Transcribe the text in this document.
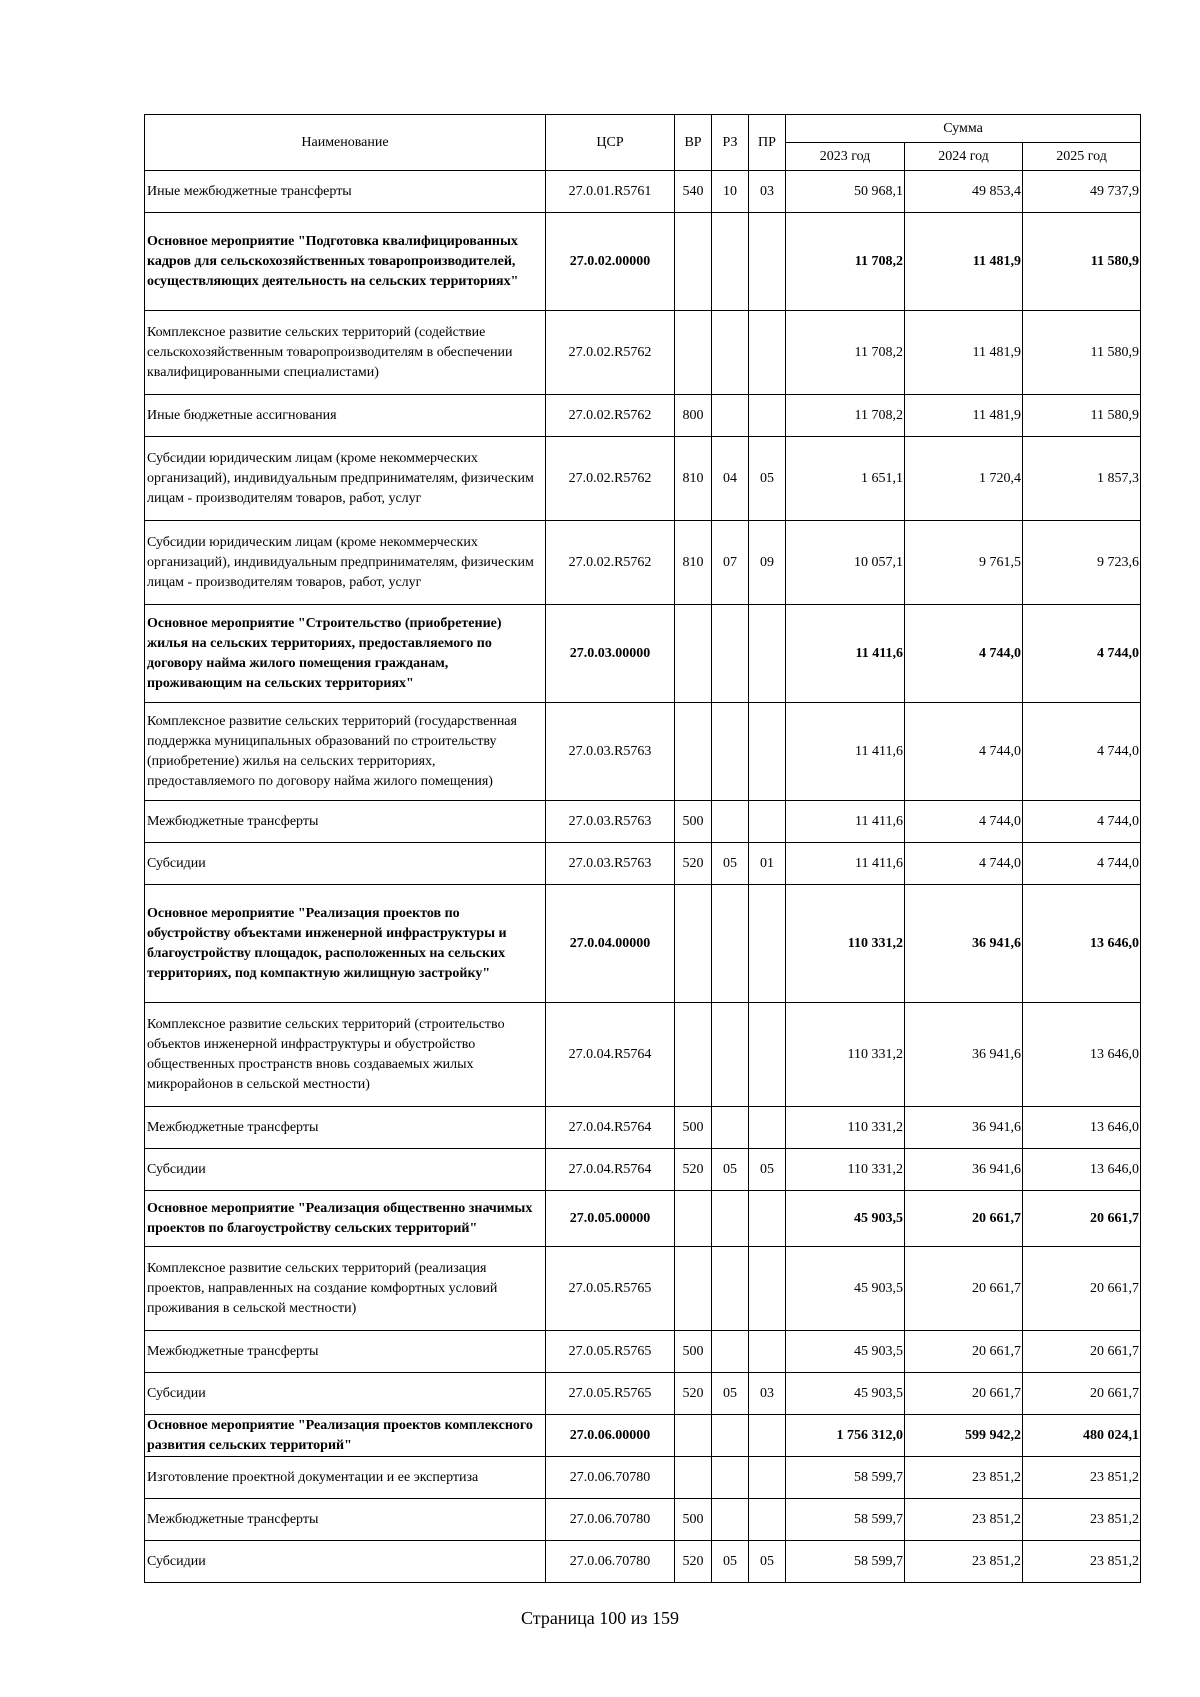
Наименование	ЦСР	ВР	РЗ	ПР	Сумма		
					2023 год	2024 год	2025 год
Иные межбюджетные трансферты	27.0.01.R5761	540	10	03	50 968,1	49 853,4	49 737,9
Основное мероприятие "Подготовка квалифицированных кадров для сельскохозяйственных товаропроизводителей, осуществляющих деятельность на сельских территориях"	27.0.02.00000				11 708,2	11 481,9	11 580,9
Комплексное развитие сельских территорий (содействие сельскохозяйственным товаропроизводителям в обеспечении квалифицированными специалистами)	27.0.02.R5762				11 708,2	11 481,9	11 580,9
Иные бюджетные ассигнования	27.0.02.R5762	800			11 708,2	11 481,9	11 580,9
Субсидии юридическим лицам (кроме некоммерческих организаций), индивидуальным предпринимателям, физическим лицам - производителям товаров, работ, услуг	27.0.02.R5762	810	04	05	1 651,1	1 720,4	1 857,3
Субсидии юридическим лицам (кроме некоммерческих организаций), индивидуальным предпринимателям, физическим лицам - производителям товаров, работ, услуг	27.0.02.R5762	810	07	09	10 057,1	9 761,5	9 723,6
Основное мероприятие "Строительство (приобретение) жилья на сельских территориях, предоставляемого по договору найма жилого помещения гражданам, проживающим на сельских территориях"	27.0.03.00000				11 411,6	4 744,0	4 744,0
Комплексное развитие сельских территорий (государственная поддержка муниципальных образований по строительству (приобретение) жилья на сельских территориях, предоставляемого по договору найма жилого помещения)	27.0.03.R5763				11 411,6	4 744,0	4 744,0
Межбюджетные трансферты	27.0.03.R5763	500			11 411,6	4 744,0	4 744,0
Субсидии	27.0.03.R5763	520	05	01	11 411,6	4 744,0	4 744,0
Основное мероприятие "Реализация проектов по обустройству объектами инженерной инфраструктуры и благоустройству площадок, расположенных на сельских территориях, под компактную жилищную застройку"	27.0.04.00000				110 331,2	36 941,6	13 646,0
Комплексное развитие сельских территорий (строительство объектов инженерной инфраструктуры и обустройство общественных пространств вновь создаваемых жилых микрорайонов в сельской местности)	27.0.04.R5764				110 331,2	36 941,6	13 646,0
Межбюджетные трансферты	27.0.04.R5764	500			110 331,2	36 941,6	13 646,0
Субсидии	27.0.04.R5764	520	05	05	110 331,2	36 941,6	13 646,0
Основное мероприятие "Реализация общественно значимых проектов по благоустройству сельских территорий"	27.0.05.00000				45 903,5	20 661,7	20 661,7
Комплексное развитие сельских территорий (реализация проектов, направленных на создание комфортных условий проживания в сельской местности)	27.0.05.R5765				45 903,5	20 661,7	20 661,7
Межбюджетные трансферты	27.0.05.R5765	500			45 903,5	20 661,7	20 661,7
Субсидии	27.0.05.R5765	520	05	03	45 903,5	20 661,7	20 661,7
Основное мероприятие "Реализация проектов комплексного развития сельских территорий"	27.0.06.00000				1 756 312,0	599 942,2	480 024,1
Изготовление проектной документации и ее экспертиза	27.0.06.70780				58 599,7	23 851,2	23 851,2
Межбюджетные трансферты	27.0.06.70780	500			58 599,7	23 851,2	23 851,2
Субсидии	27.0.06.70780	520	05	05	58 599,7	23 851,2	23 851,2
Страница 100 из 159
